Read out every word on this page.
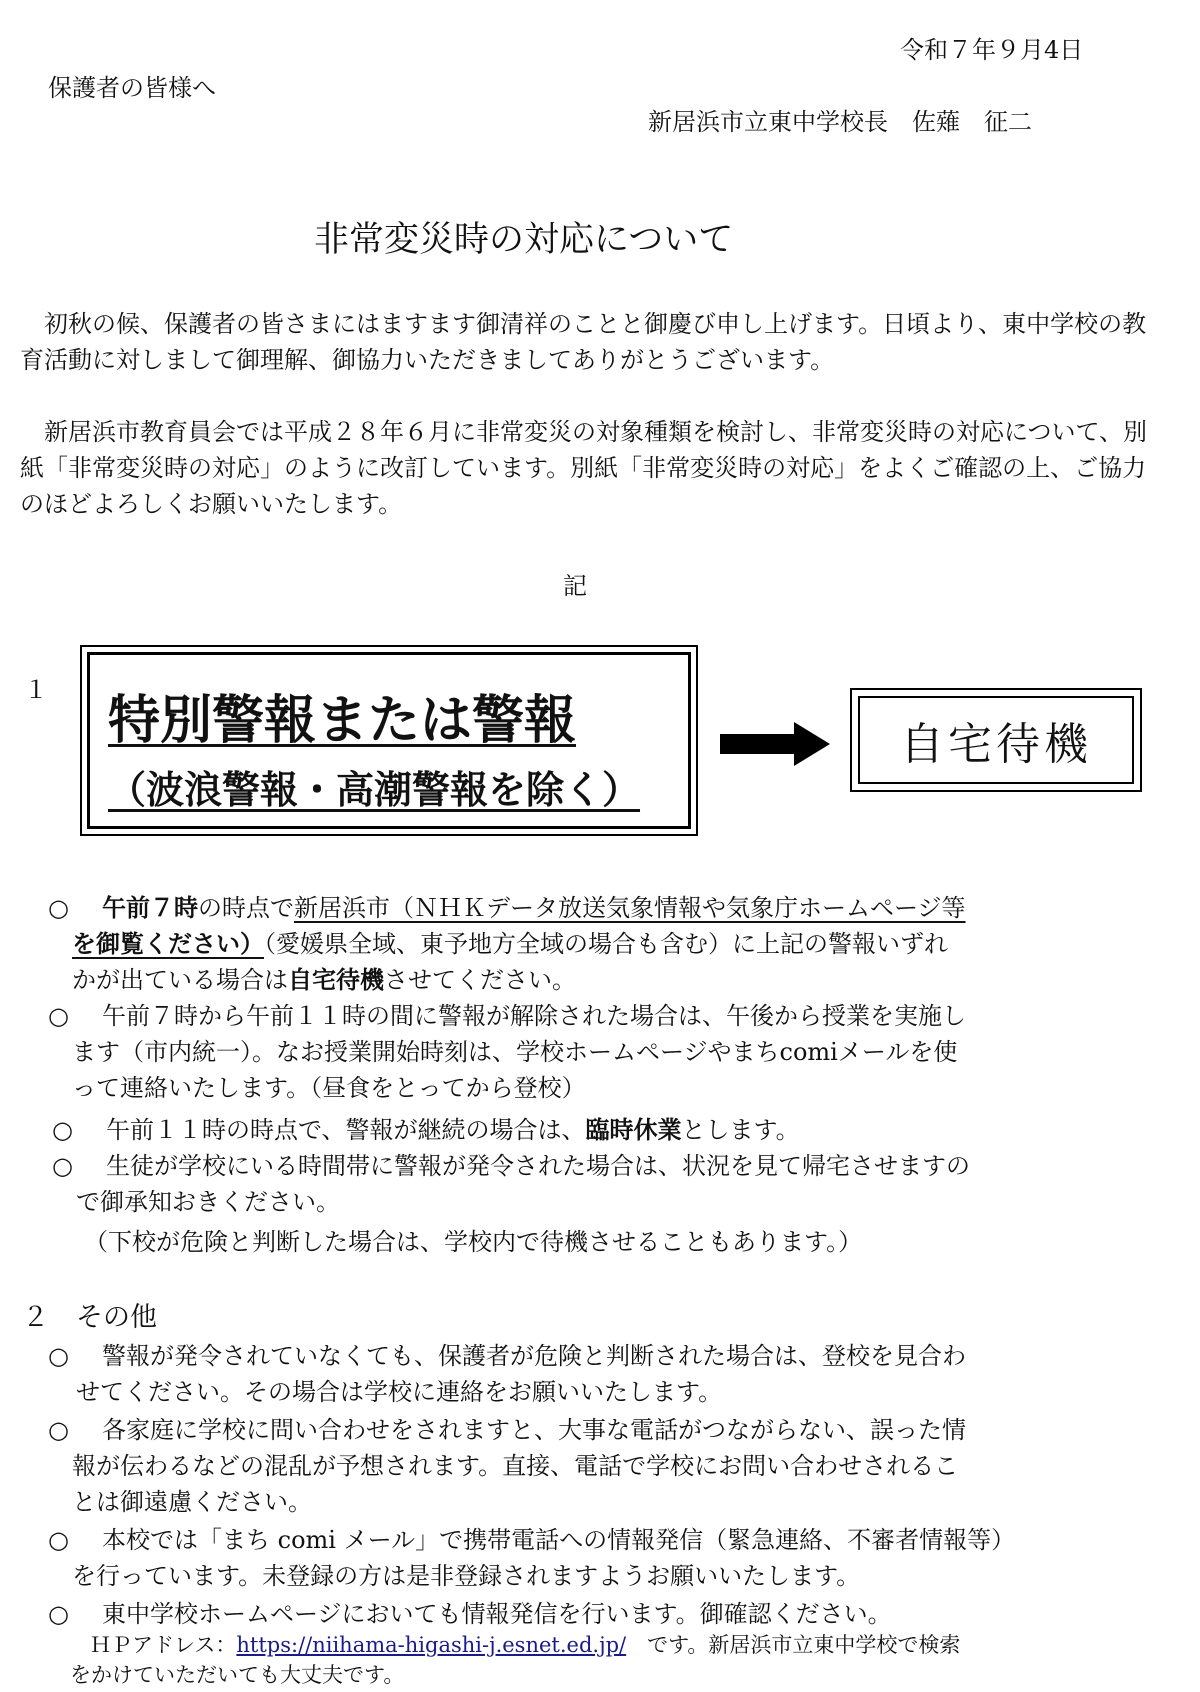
令和７年９月4日
保護者の皆様へ
新居浜市立東中学校長　佐薙　征二
非常変災時の対応について
　初秋の候、保護者の皆さまにはますます御清祥のことと御慶び申し上げます。日頃より、東中学校の教育活動に対しまして御理解、御協力いただきましてありがとうございます。
　新居浜市教育員会では平成２８年６月に非常変災の対象種類を検討し、非常変災時の対応について、別紙「非常変災時の対応」のように改訂しています。別紙「非常変災時の対応」をよくご確認の上、ご協力のほどよろしくお願いいたします。
記
１
特別警報または警報
（波浪警報・高潮警報を除く）
自宅待機
○ 午前７時の時点で新居浜市（ＮＨＫデータ放送気象情報や気象庁ホームページ等
を御覧ください）（愛媛県全域、東予地方全域の場合も含む）に上記の警報いずれ
かが出ている場合は自宅待機させてください。
○ 午前７時から午前１１時の間に警報が解除された場合は、午後から授業を実施し
ます（市内統一）。なお授業開始時刻は、学校ホームページやまちcomiメールを使
って連絡いたします。（昼食をとってから登校）
○ 午前１１時の時点で、警報が継続の場合は、臨時休業とします。
○ 生徒が学校にいる時間帯に警報が発令された場合は、状況を見て帰宅させますの
で御承知おきください。
（下校が危険と判断した場合は、学校内で待機させることもあります。）
２　その他
○ 警報が発令されていなくても、保護者が危険と判断された場合は、登校を見合わ
せてください。その場合は学校に連絡をお願いいたします。
○ 各家庭に学校に問い合わせをされますと、大事な電話がつながらない、誤った情
報が伝わるなどの混乱が予想されます。直接、電話で学校にお問い合わせされるこ
とは御遠慮ください。
○ 本校では「まち comi メール」で携帯電話への情報発信（緊急連絡、不審者情報等）
を行っています。未登録の方は是非登録されますようお願いいたします。
○ 東中学校ホームページにおいても情報発信を行います。御確認ください。
ＨＰアドレス：https://niihama-higashi-j.esnet.ed.jp/　です。新居浜市立東中学校で検索
をかけていただいても大丈夫です。
